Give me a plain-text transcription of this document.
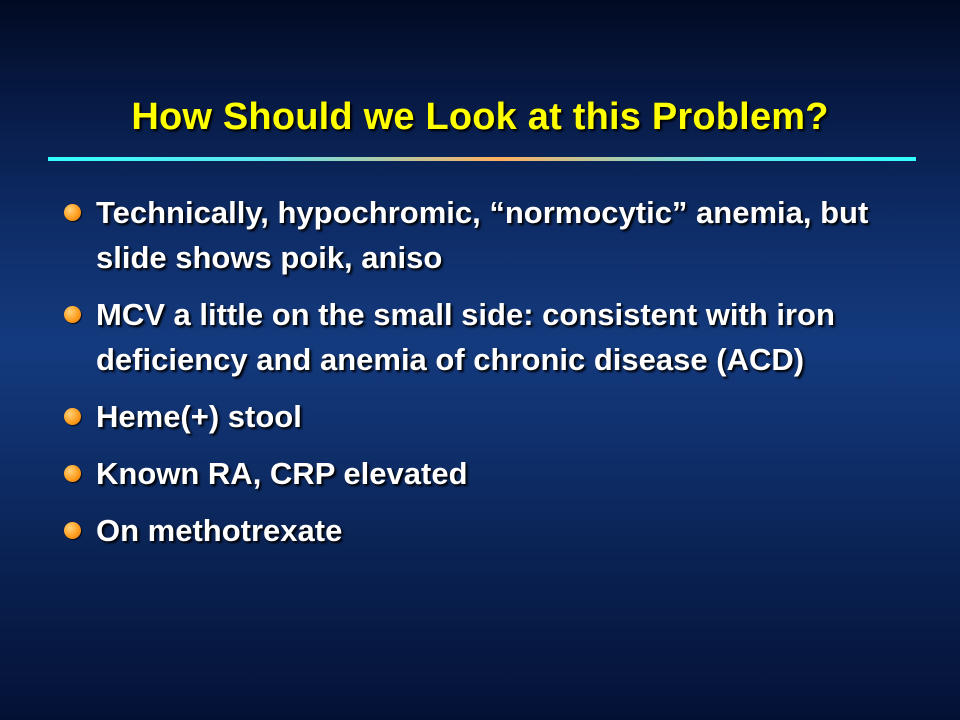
How Should we Look at this Problem?
Technically, hypochromic, “normocytic” anemia, but slide shows poik, aniso
MCV a little on the small side: consistent with iron deficiency and anemia of chronic disease (ACD)
Heme(+) stool
Known RA, CRP elevated
On methotrexate
